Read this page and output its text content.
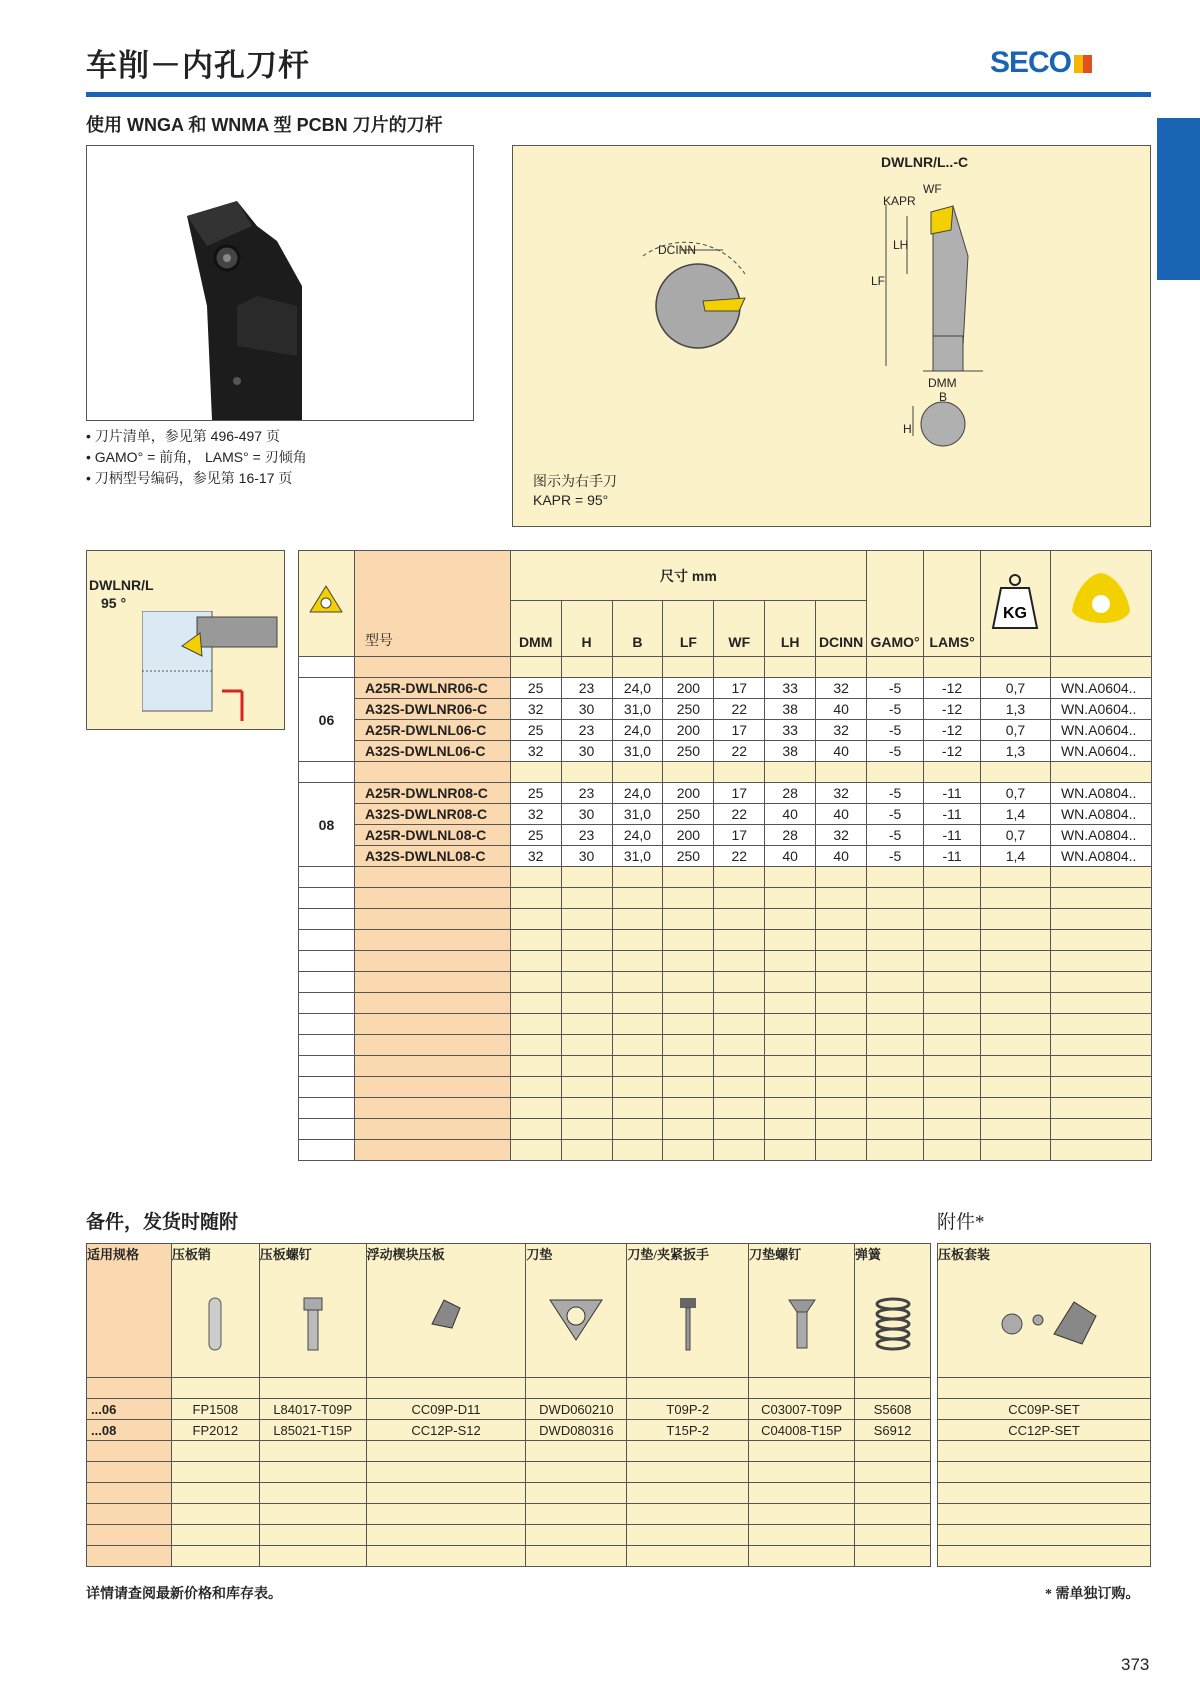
车削－内孔刀杆	SECO
使用 WNGA 和 WNMA 型 PCBN 刀片的刀杆
• 刀片清单，参见第 496-497 页
• GAMO° = 前角， LAMS° = 刃倾角
• 刀柄型号编码，参见第 16-17 页
DWLNR/L..-C
DCINN
WF
KAPR
LH
LF
DMM
B
H
图示为右手刀
KAPR = 95°
DWLNR/L
95 °
	型号	尺寸 mm							GAMO°	LAMS°	KG

		DMM	H	B	LF	WF	LH	DCINN				

06	A25R-DWLNR06-C	25	23	24,0	200	17	33	32	-5	-12	0,7	WN.A0604..
	A32S-DWLNR06-C	32	30	31,0	250	22	38	40	-5	-12	1,3	WN.A0604..
	A25R-DWLNL06-C	25	23	24,0	200	17	33	32	-5	-12	0,7	WN.A0604..
	A32S-DWLNL06-C	32	30	31,0	250	22	38	40	-5	-12	1,3	WN.A0604..

08	A25R-DWLNR08-C	25	23	24,0	200	17	28	32	-5	-11	0,7	WN.A0804..
	A32S-DWLNR08-C	32	30	31,0	250	22	40	40	-5	-11	1,4	WN.A0804..
	A25R-DWLNL08-C	25	23	24,0	200	17	28	32	-5	-11	0,7	WN.A0804..
	A32S-DWLNL08-C	32	30	31,0	250	22	40	40	-5	-11	1,4	WN.A0804..

备件，发货时随附	附件*
适用规格	压板销	压板螺钉	浮动楔块压板	刀垫	刀垫/夹紧扳手	刀垫螺钉	弹簧

...06	FP1508	L84017-T09P	CC09P-D11	DWD060210	T09P-2	C03007-T09P	S5608
...08	FP2012	L85021-T15P	CC12P-S12	DWD080316	T15P-2	C04008-T15P	S6912

压板套装

CC09P-SET
CC12P-SET

详情请查阅最新价格和库存表。	* 需单独订购。
373
